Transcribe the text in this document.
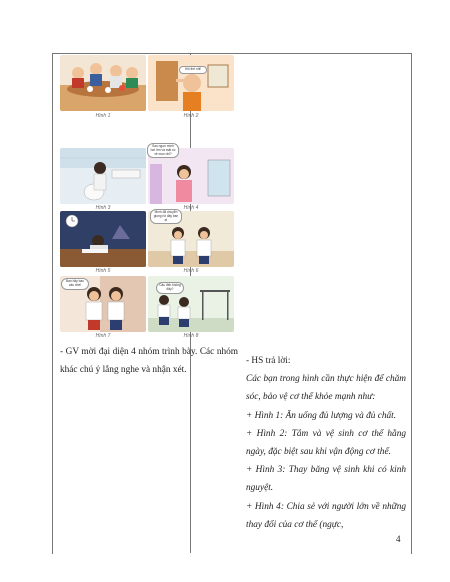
Hình 1
Hôi thế nhỉ!
Hình 2
Hình 3
Sao ngực mình hơi lớn và mặt có vẻ mụn nhỉ?
Hình 4
Hình 5
Mình đã chuyển giọng rồi đấy bạn ạ!
Hình 6
Bạn hãy bao cấu nhé!
Hình 7
Cậu đến không đấy?
Hình 8
- GV mời đại diện 4 nhóm trình bày. Các nhóm khác chú ý lắng nghe và nhận xét.

- HS trả lời:

Các bạn trong hình cần thực hiện để chăm sóc, bảo vệ cơ thể khỏe mạnh như:

+ Hình 1: Ăn uống đủ lượng và đủ chất.

+ Hình 2: Tắm và vệ sinh cơ thể hằng ngày, đặc biệt sau khi vận động cơ thể.

+ Hình 3: Thay băng vệ sinh khi có kinh nguyệt.

+ Hình 4: Chia sẻ với người lớn về những thay đổi của cơ thể (ngực,

4
